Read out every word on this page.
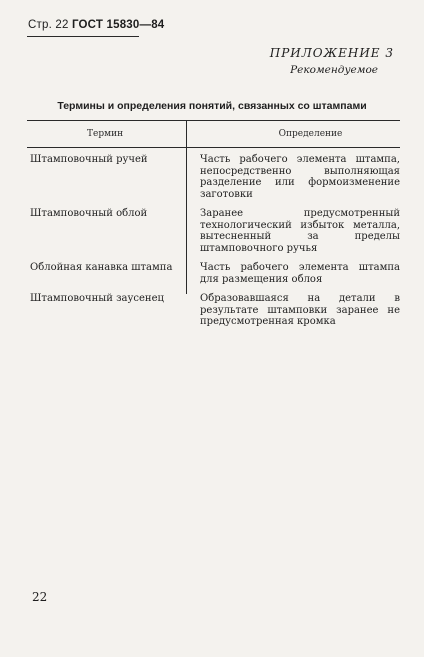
Стр. 22 ГОСТ 15830—84
ПРИЛОЖЕНИЕ 3
Рекомендуемое
Термины и определения понятий, связанных со штампами
Термин	Определение
Штамповочный ручей	Часть рабочего элемента штампа, непосредственно выполняющая разделение или формоизменение заготовки
Штамповочный облой	Заранее предусмотренный технологический избыток металла, вытесненный за пределы штамповочного ручья
Облойная канавка штампа	Часть рабочего элемента штампа для размещения облоя
Штамповочный заусенец	Образовавшаяся на детали в результате штамповки заранее не предусмотренная кромка
22
